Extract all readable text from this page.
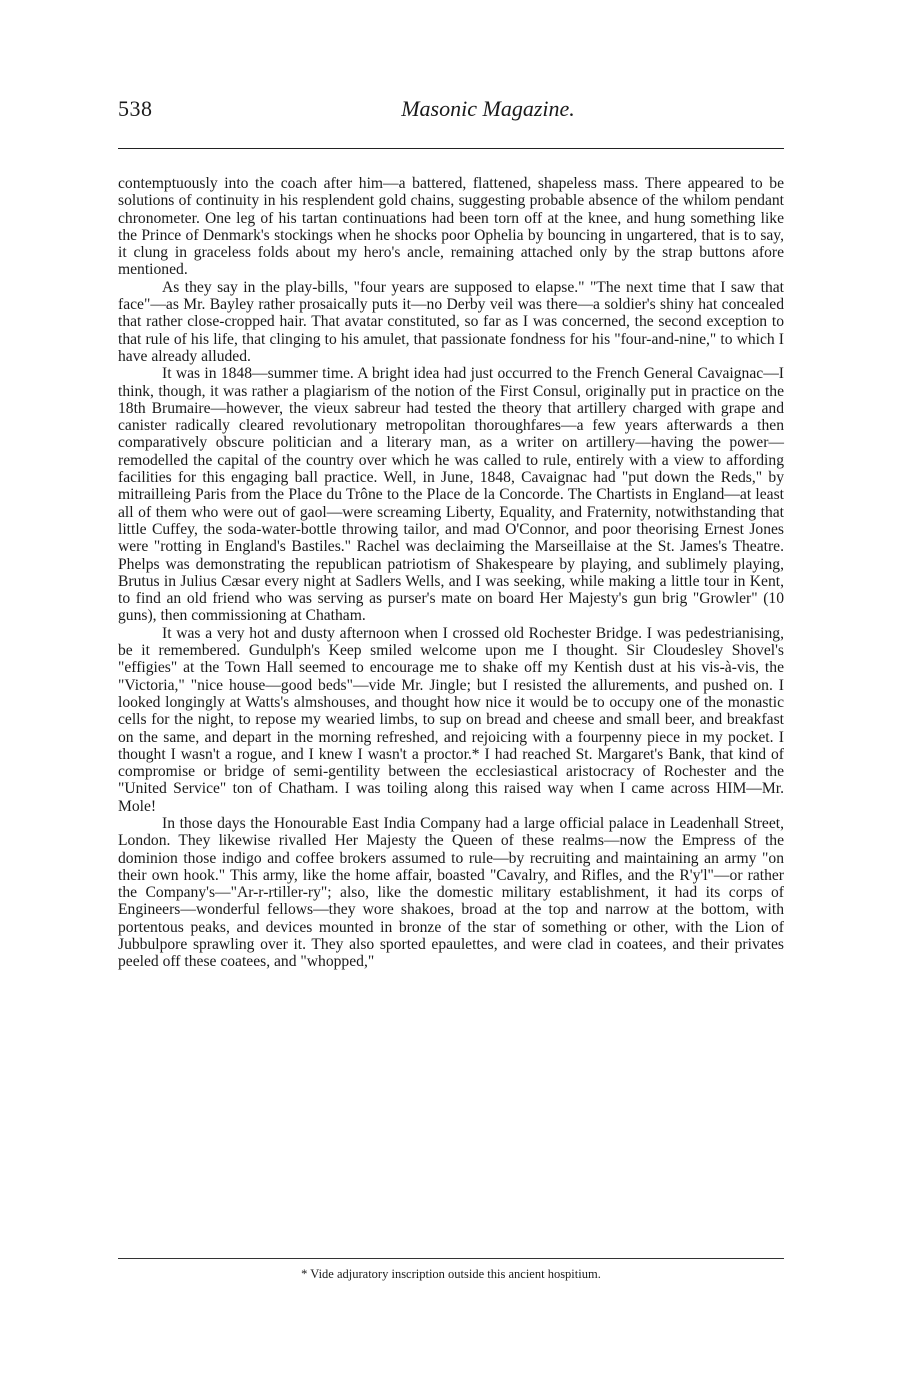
538	Masonic Magazine.

contemptuously into the coach after him—a battered, flattened, shapeless mass. There appeared to be solutions of continuity in his resplendent gold chains, suggesting probable absence of the whilom pendant chronometer. One leg of his tartan continuations had been torn off at the knee, and hung something like the Prince of Denmark's stockings when he shocks poor Ophelia by bouncing in ungartered, that is to say, it clung in graceless folds about my hero's ancle, remaining attached only by the strap buttons afore mentioned.

As they say in the play-bills, "four years are supposed to elapse." "The next time that I saw that face"—as Mr. Bayley rather prosaically puts it—no Derby veil was there—a soldier's shiny hat concealed that rather close-cropped hair. That avatar constituted, so far as I was concerned, the second exception to that rule of his life, that clinging to his amulet, that passionate fondness for his "four-and-nine," to which I have already alluded.

It was in 1848—summer time. A bright idea had just occurred to the French General Cavaignac—I think, though, it was rather a plagiarism of the notion of the First Consul, originally put in practice on the 18th Brumaire—however, the vieux sabreur had tested the theory that artillery charged with grape and canister radically cleared revolutionary metropolitan thoroughfares—a few years afterwards a then comparatively obscure politician and a literary man, as a writer on artillery—having the power—remodelled the capital of the country over which he was called to rule, entirely with a view to affording facilities for this engaging ball practice. Well, in June, 1848, Cavaignac had "put down the Reds," by mitrailleing Paris from the Place du Trône to the Place de la Concorde. The Chartists in England—at least all of them who were out of gaol—were screaming Liberty, Equality, and Fraternity, notwithstanding that little Cuffey, the soda-water-bottle throwing tailor, and mad O'Connor, and poor theorising Ernest Jones were "rotting in England's Bastiles." Rachel was declaiming the Marseillaise at the St. James's Theatre. Phelps was demonstrating the republican patriotism of Shakespeare by playing, and sublimely playing, Brutus in Julius Cæsar every night at Sadlers Wells, and I was seeking, while making a little tour in Kent, to find an old friend who was serving as purser's mate on board Her Majesty's gun brig "Growler" (10 guns), then commissioning at Chatham.

It was a very hot and dusty afternoon when I crossed old Rochester Bridge. I was pedestrianising, be it remembered. Gundulph's Keep smiled welcome upon me I thought. Sir Cloudesley Shovel's "effigies" at the Town Hall seemed to encourage me to shake off my Kentish dust at his vis-à-vis, the "Victoria," "nice house—good beds"—vide Mr. Jingle; but I resisted the allurements, and pushed on. I looked longingly at Watts's almshouses, and thought how nice it would be to occupy one of the monastic cells for the night, to repose my wearied limbs, to sup on bread and cheese and small beer, and breakfast on the same, and depart in the morning refreshed, and rejoicing with a fourpenny piece in my pocket. I thought I wasn't a rogue, and I knew I wasn't a proctor.* I had reached St. Margaret's Bank, that kind of compromise or bridge of semi-gentility between the ecclesiastical aristocracy of Rochester and the "United Service" ton of Chatham. I was toiling along this raised way when I came across HIM—Mr. Mole!

In those days the Honourable East India Company had a large official palace in Leadenhall Street, London. They likewise rivalled Her Majesty the Queen of these realms—now the Empress of the dominion those indigo and coffee brokers assumed to rule—by recruiting and maintaining an army "on their own hook." This army, like the home affair, boasted "Cavalry, and Rifles, and the R'y'l"—or rather the Company's—"Ar-r-rtiller-ry"; also, like the domestic military establishment, it had its corps of Engineers—wonderful fellows—they wore shakoes, broad at the top and narrow at the bottom, with portentous peaks, and devices mounted in bronze of the star of something or other, with the Lion of Jubbulpore sprawling over it. They also sported epaulettes, and were clad in coatees, and their privates peeled off these coatees, and "whopped,"

* Vide adjuratory inscription outside this ancient hospitium.
